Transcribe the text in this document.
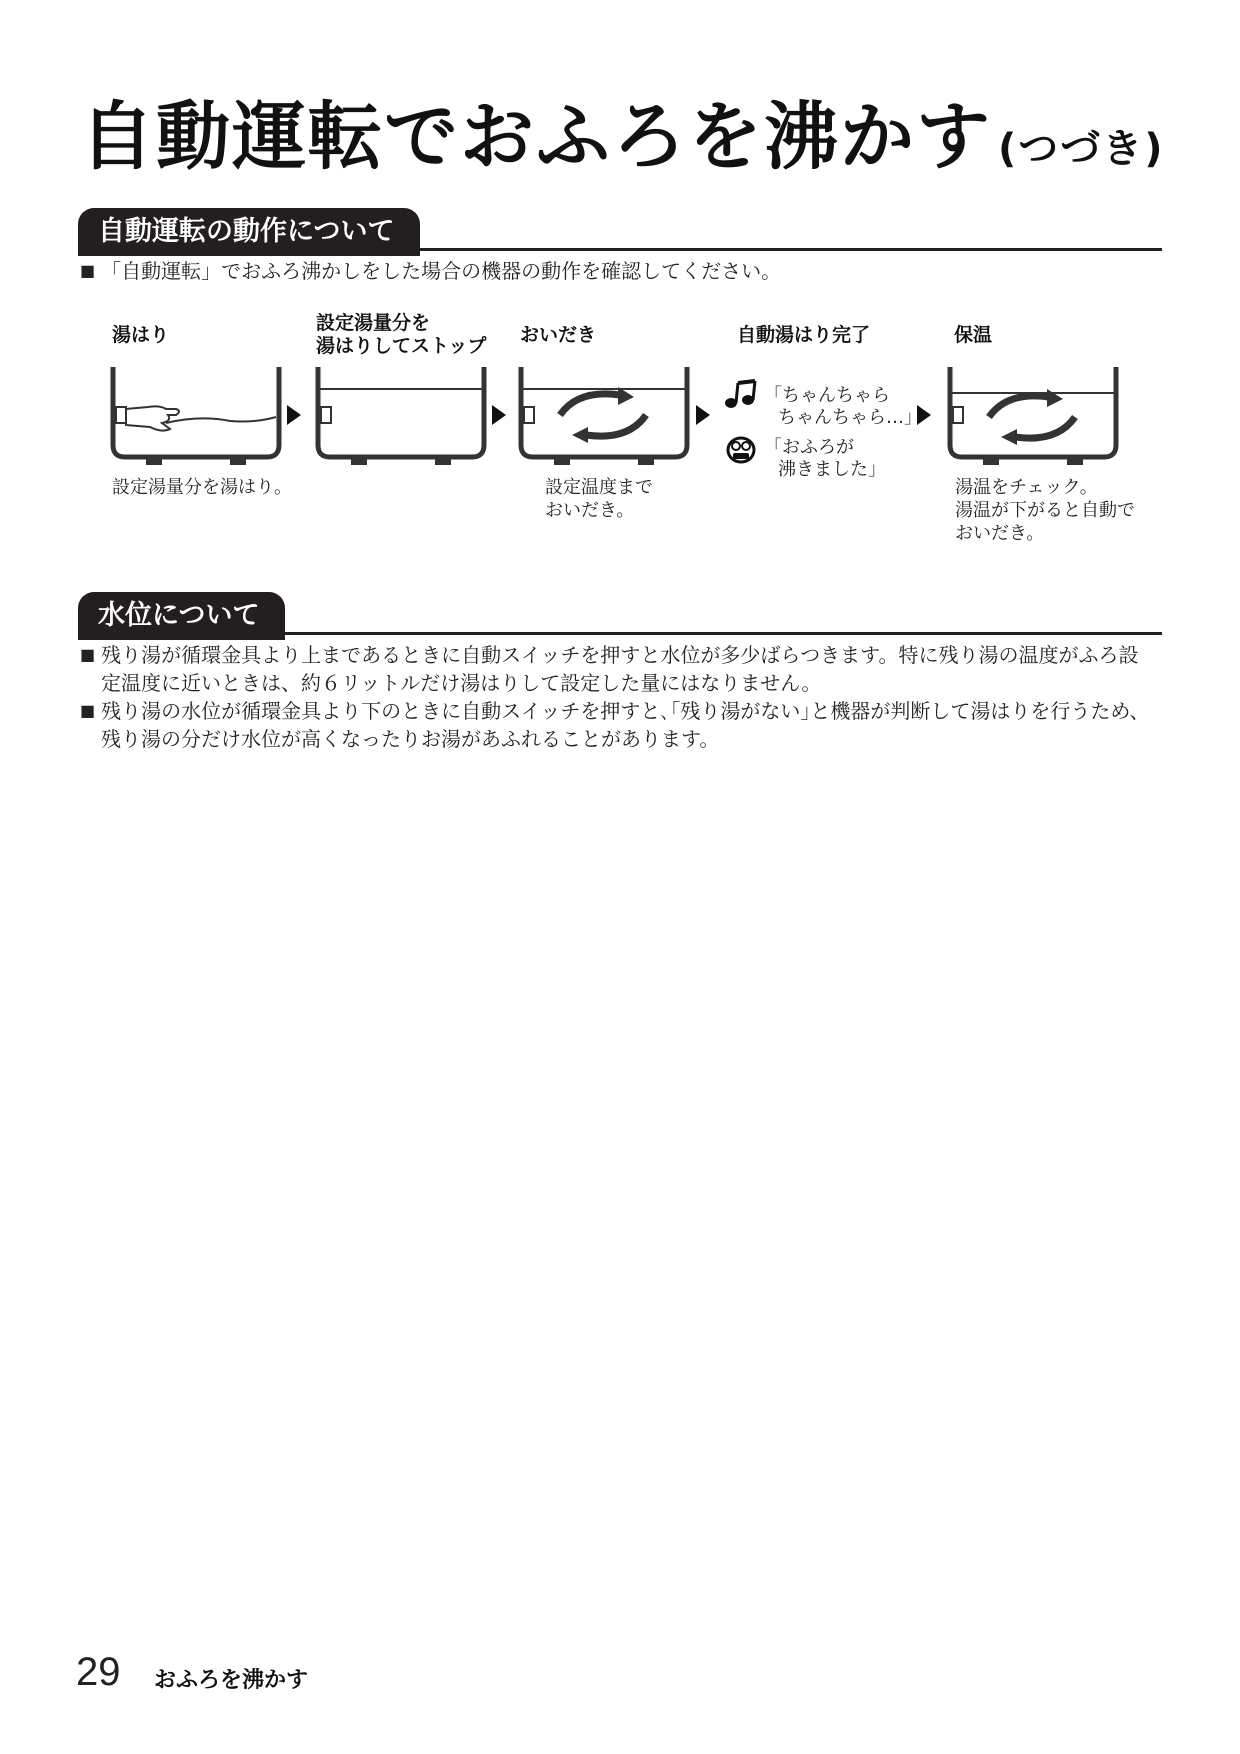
自動運転でおふろを沸かす (つづき)
自動運転の動作について
■ 「自動運転」でおふろ沸かしをした場合の機器の動作を確認してください。
湯はり
設定湯量分を
湯はりしてストップ おいだき	自動湯はり完了	保温
「ちゃんちゃら
ちゃんちゃら…」
「おふろが
沸きました」
設定湯量分を湯はり。	設定温度まで
おいだき。
湯温をチェック。
湯温が下がると自動で
おいだき。
水位について
■ 残り湯が循環金具より上まであるときに自動スイッチを押すと水位が多少ばらつきます。特に残り湯の温度がふろ設
定温度に近いときは、約６リットルだけ湯はりして設定した量にはなりません。
■ 残り湯の水位が循環金具より下のときに自動スイッチを押すと､｢残り湯がない｣と機器が判断して湯はりを行うため、
残り湯の分だけ水位が高くなったりお湯があふれることがあります。
29 おふろを沸かす
